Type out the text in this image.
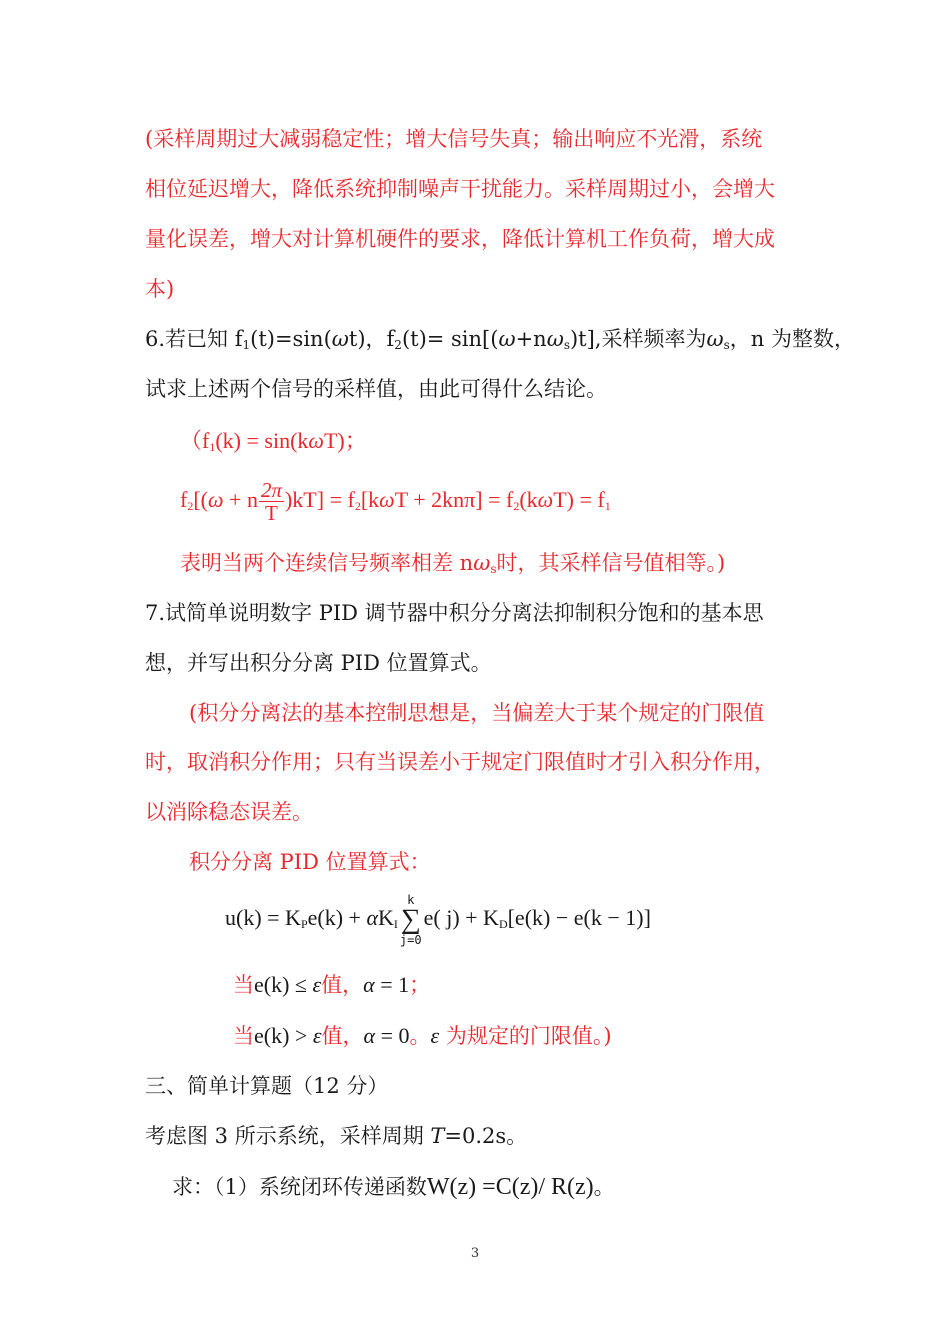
(采样周期过大减弱稳定性；增大信号失真；输出响应不光滑，系统
相位延迟增大，降低系统抑制噪声干扰能力。采样周期过小，会增大
量化误差，增大对计算机硬件的要求，降低计算机工作负荷，增大成
本)
6.若已知 $f_1(t)=\sin(\omega t)$，$f_2(t)= \sin[(\omega+n\omega_s)t]$,采样频率为$\omega_s$，n 为整数，
试求上述两个信号的采样值，由此可得什么结论。
（$f_1(k) = \sin(k\omega T)$；
$f_2[(\omega + n \frac{2\pi}{T} )kT] = f_2[k\omega T + 2kn\pi] = f_2(k\omega T) = f_1$
表明当两个连续信号频率相差 $n\omega_s$时，其采样信号值相等。)
7.试简单说明数字 PID 调节器中积分分离法抑制积分饱和的基本思
想，并写出积分分离 PID 位置算式。
(积分分离法的基本控制思想是，当偏差大于某个规定的门限值
时，取消积分作用；只有当误差小于规定门限值时才引入积分作用，
以消除稳态误差。
积分分离 PID 位置算式：
$u(k) = K_Pe(k) + \alpha K_I$
k
∑
j=0
e( $j) + K_D[e(k) - e(k - 1)]$
当e(k) ≤ ε值，α = 1；
当e(k) > ε值，α = 0。ε 为规定的门限值。)
三、简单计算题（12 分）
考虑图 3 所示系统，采样周期 T=0.2s。
求：（1）系统闭环传递函数W(z) =C(z)/ R(z)。
3
